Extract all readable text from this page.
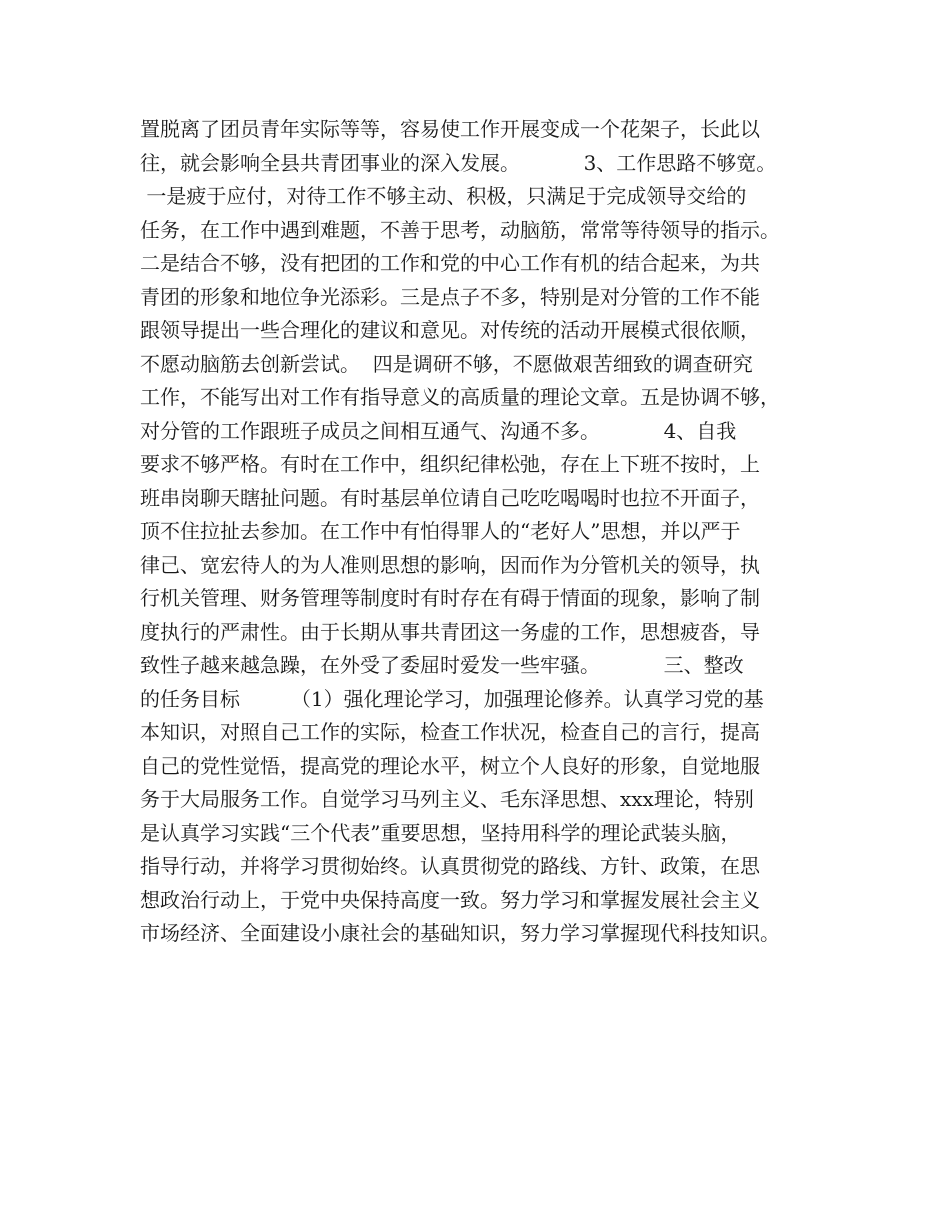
置脱离了团员青年实际等等，容易使工作开展变成一个花架子，长此以
往，就会影响全县共青团事业的深入发展。          3、工作思路不够宽。
一是疲于应付，对待工作不够主动、积极，只满足于完成领导交给的
任务，在工作中遇到难题，不善于思考，动脑筋，常常等待领导的指示。
二是结合不够，没有把团的工作和党的中心工作有机的结合起来，为共
青团的形象和地位争光添彩。三是点子不多，特别是对分管的工作不能
跟领导提出一些合理化的建议和意见。对传统的活动开展模式很依顺，
不愿动脑筋去创新尝试。  四是调研不够，不愿做艰苦细致的调查研究
工作，不能写出对工作有指导意义的高质量的理论文章。五是协调不够，
对分管的工作跟班子成员之间相互通气、沟通不多。          4、自我
要求不够严格。有时在工作中，组织纪律松弛，存在上下班不按时，上
班串岗聊天瞎扯问题。有时基层单位请自己吃吃喝喝时也拉不开面子，
顶不住拉扯去参加。在工作中有怕得罪人的“老好人”思想，并以严于
律己、宽宏待人的为人准则思想的影响，因而作为分管机关的领导，执
行机关管理、财务管理等制度时有时存在有碍于情面的现象，影响了制
度执行的严肃性。由于长期从事共青团这一务虚的工作，思想疲沓，导
致性子越来越急躁，在外受了委屈时爱发一些牢骚。          三、整改
的任务目标        （1）强化理论学习，加强理论修养。认真学习党的基
本知识，对照自己工作的实际，检查工作状况，检查自己的言行，提高
自己的党性觉悟，提高党的理论水平，树立个人良好的形象，自觉地服
务于大局服务工作。自觉学习马列主义、毛东泽思想、xxx理论，特别
是认真学习实践“三个代表”重要思想，坚持用科学的理论武装头脑，
指导行动，并将学习贯彻始终。认真贯彻党的路线、方针、政策，在思
想政治行动上，于党中央保持高度一致。努力学习和掌握发展社会主义
市场经济、全面建设小康社会的基础知识，努力学习掌握现代科技知识。
